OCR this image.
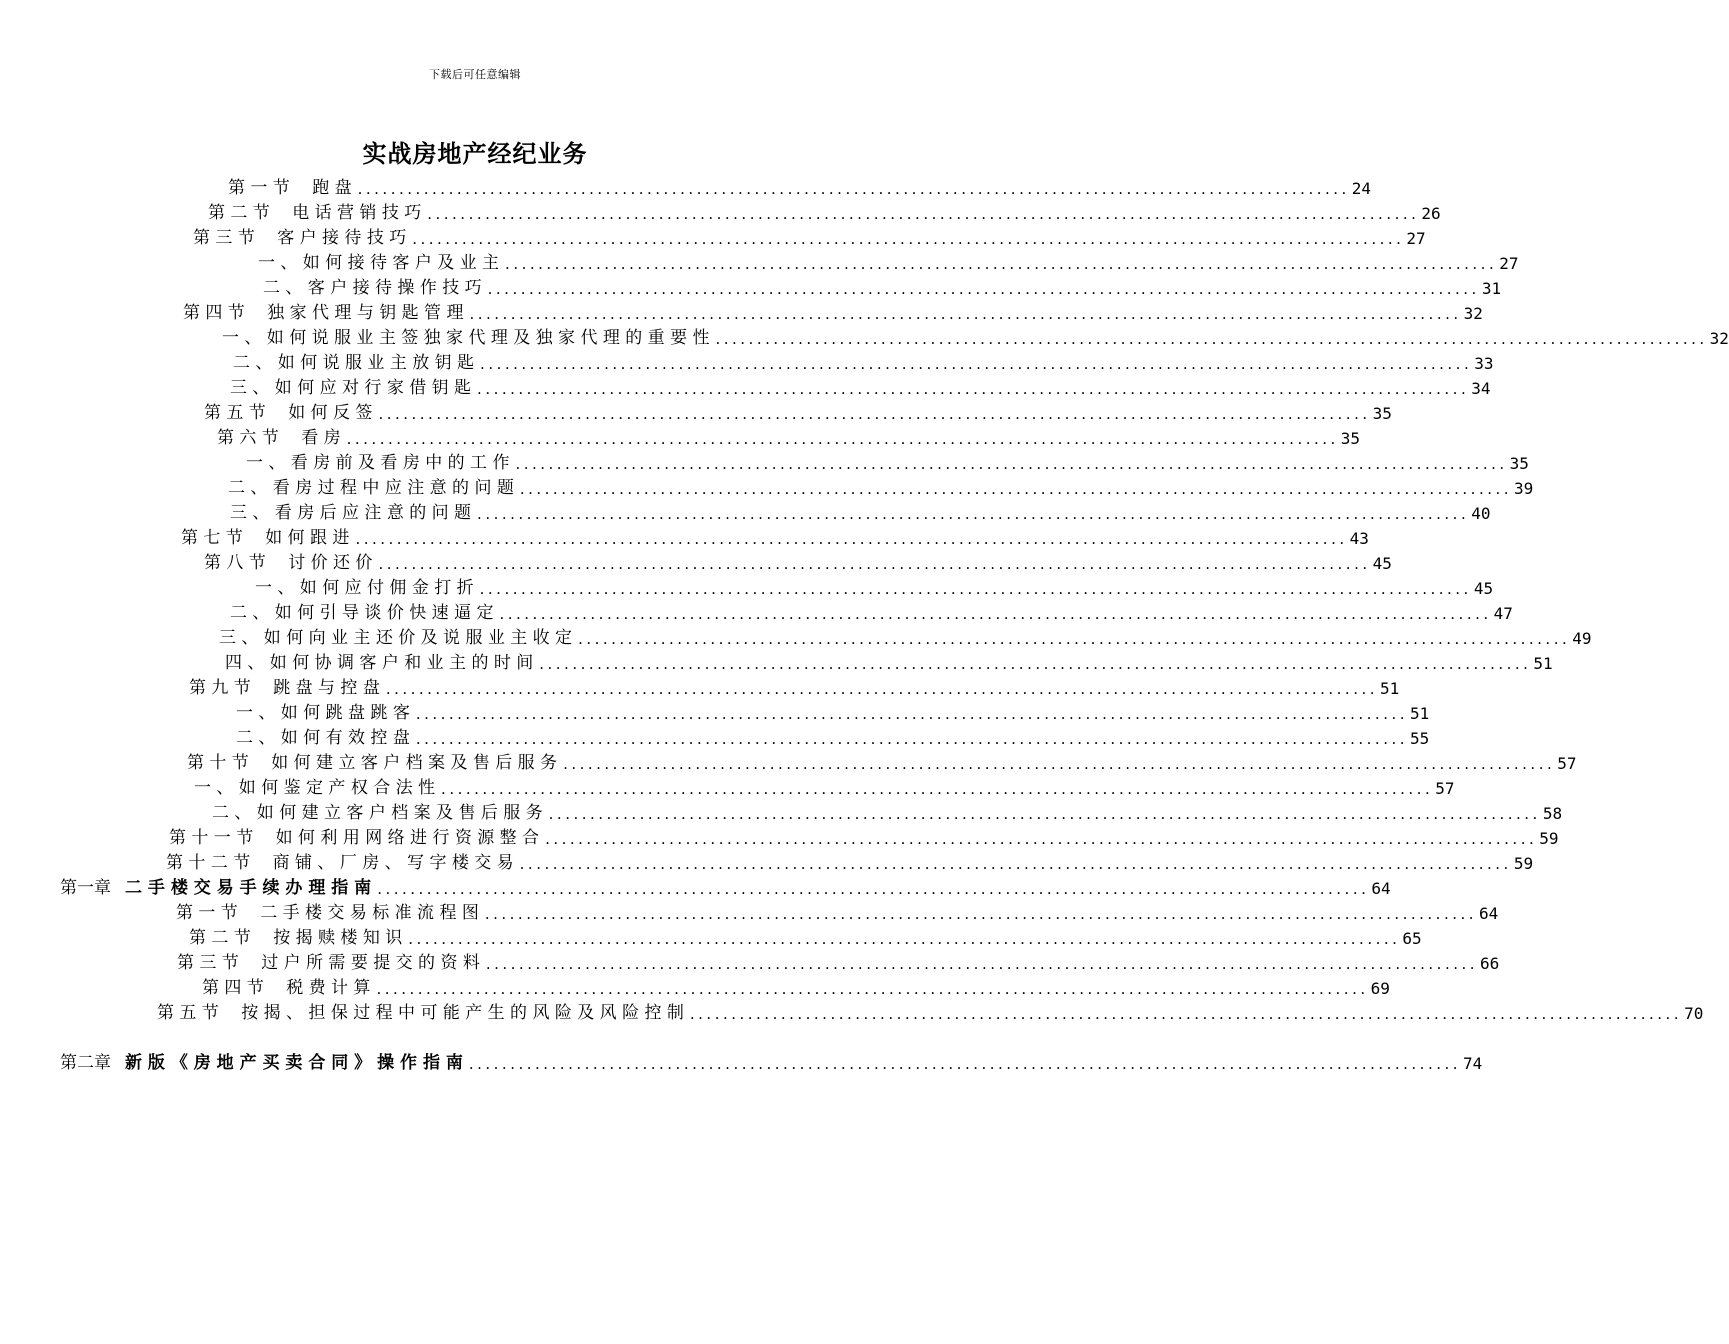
下载后可任意编辑
实战房地产经纪业务
第 一 节　 跑 盘 ........................................................................................................................ 24
第 二 节　 电 话 营 销 技 巧 ........................................................................................................................ 26
第 三 节　 客 户 接 待 技 巧 ........................................................................................................................ 27
一 、 如 何 接 待 客 户 及 业 主 ........................................................................................................................ 27
二 、 客 户 接 待 操 作 技 巧 ........................................................................................................................ 31
第 四 节　 独 家 代 理 与 钥 匙 管 理 ........................................................................................................................ 32
一 、 如 何 说 服 业 主 签 独 家 代 理 及 独 家 代 理 的 重 要 性 ........................................................................................................................ 32
二 、 如 何 说 服 业 主 放 钥 匙 ........................................................................................................................ 33
三 、 如 何 应 对 行 家 借 钥 匙 ........................................................................................................................ 34
第 五 节　 如 何 反 签 ........................................................................................................................ 35
第 六 节　 看 房 ........................................................................................................................ 35
一 、 看 房 前 及 看 房 中 的 工 作 ........................................................................................................................ 35
二 、 看 房 过 程 中 应 注 意 的 问 题 ........................................................................................................................ 39
三 、 看 房 后 应 注 意 的 问 题 ........................................................................................................................ 40
第 七 节　 如 何 跟 进 ........................................................................................................................ 43
第 八 节　 讨 价 还 价 ........................................................................................................................ 45
一 、 如 何 应 付 佣 金 打 折 ........................................................................................................................ 45
二 、 如 何 引 导 谈 价 快 速 逼 定 ........................................................................................................................ 47
三 、 如 何 向 业 主 还 价 及 说 服 业 主 收 定 ........................................................................................................................ 49
四 、 如 何 协 调 客 户 和 业 主 的 时 间 ........................................................................................................................ 51
第 九 节　 跳 盘 与 控 盘 ........................................................................................................................ 51
一 、 如 何 跳 盘 跳 客 ........................................................................................................................ 51
二 、 如 何 有 效 控 盘 ........................................................................................................................ 55
第 十 节　 如 何 建 立 客 户 档 案 及 售 后 服 务 ........................................................................................................................ 57
一 、 如 何 鉴 定 产 权 合 法 性 ........................................................................................................................ 57
二 、 如 何 建 立 客 户 档 案 及 售 后 服 务 ........................................................................................................................ 58
第 十 一 节　 如 何 利 用 网 络 进 行 资 源 整 合 ........................................................................................................................ 59
第 十 二 节　 商 铺 、 厂 房 、 写 字 楼 交 易 ........................................................................................................................ 59
第一章 二 手 楼 交 易 手 续 办 理 指 南 ........................................................................................................................ 64
第 一 节　 二 手 楼 交 易 标 准 流 程 图 ........................................................................................................................ 64
第 二 节　 按 揭 赎 楼 知 识 ........................................................................................................................ 65
第 三 节　 过 户 所 需 要 提 交 的 资 料 ........................................................................................................................ 66
第 四 节　 税 费 计 算 ........................................................................................................................ 69
第 五 节　 按 揭 、 担 保 过 程 中 可 能 产 生 的 风 险 及 风 险 控 制 ........................................................................................................................ 70
第二章 新 版 《 房 地 产 买 卖 合 同 》 操 作 指 南 ........................................................................................................................ 74
